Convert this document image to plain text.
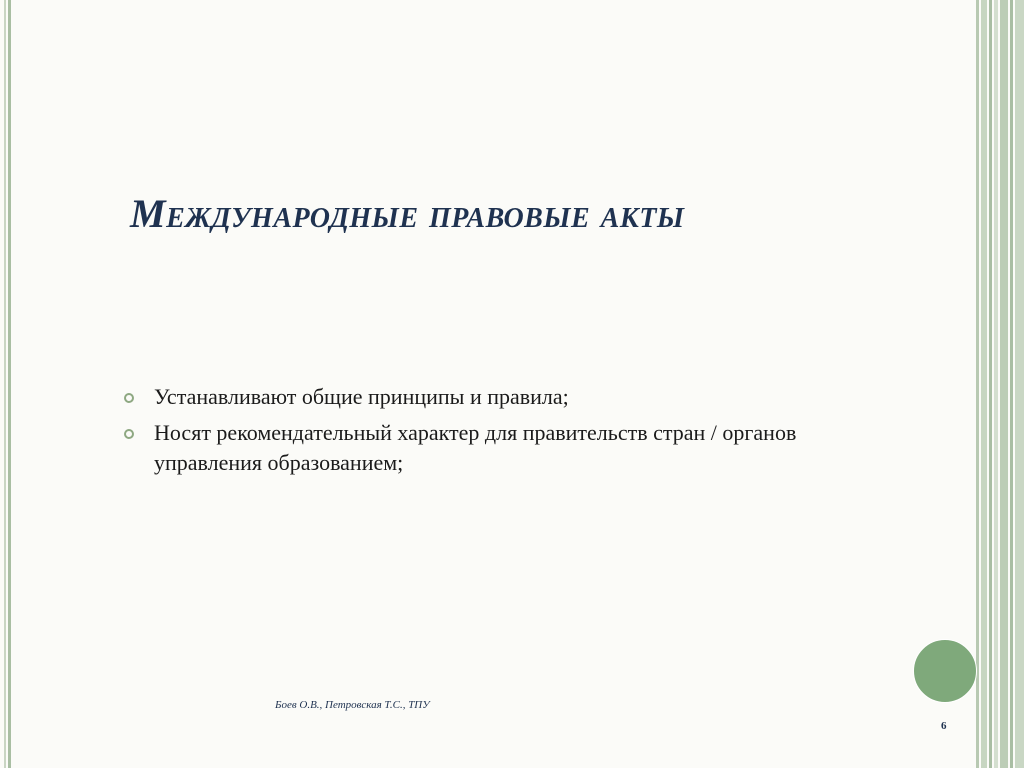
Международные правовые акты
Устанавливают общие принципы и правила;
Носят рекомендательный характер для правительств стран / органов управления образованием;
Боев О.В., Петровская Т.С., ТПУ
6
